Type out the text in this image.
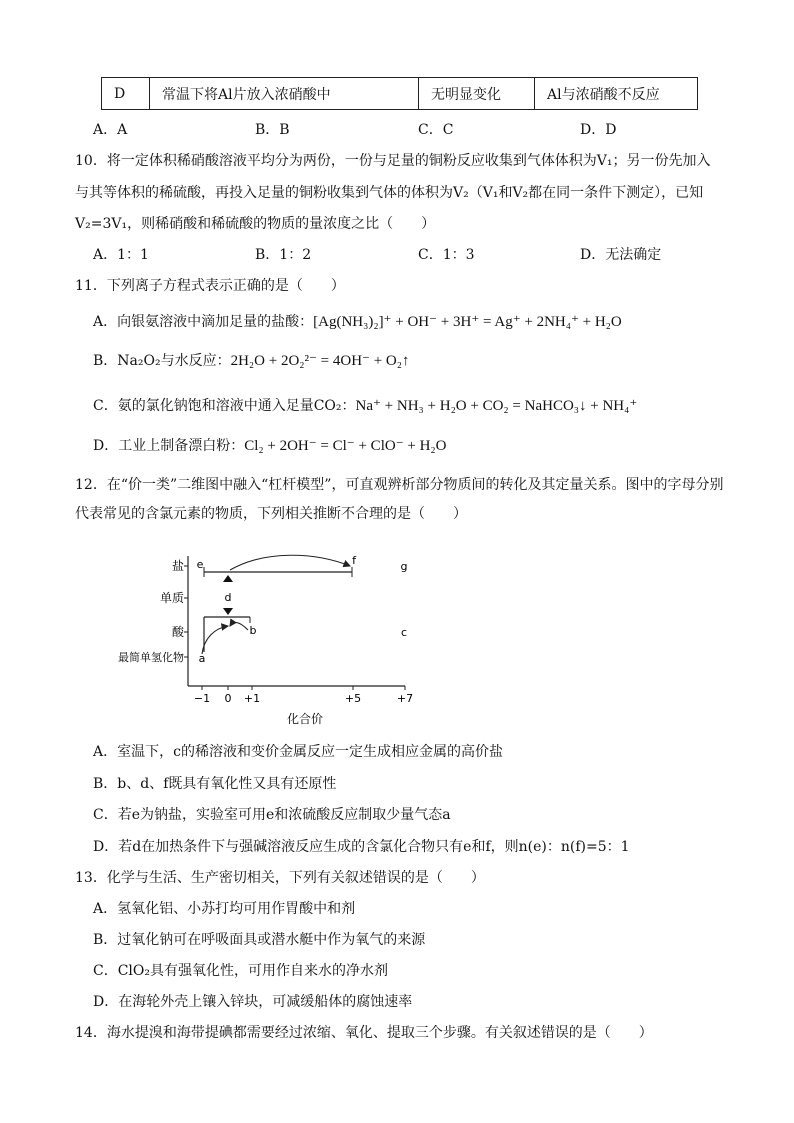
D	常温下将Al片放入浓硝酸中	无明显变化	Al与浓硝酸不反应
A．A	B．B	C．C	D．D
10．将一定体积稀硝酸溶液平均分为两份，一份与足量的铜粉反应收集到气体体积为V₁；另一份先加入
与其等体积的稀硫酸，再投入足量的铜粉收集到气体的体积为V₂（V₁和V₂都在同一条件下测定），已知
V₂=3V₁，则稀硝酸和稀硫酸的物质的量浓度之比（　　）
A．1：1	B．1：2	C．1：3	D．无法确定
11．下列离子方程式表示正确的是（　　）
A．向银氨溶液中滴加足量的盐酸：[Ag(NH₃)₂]⁺ + OH⁻ + 3H⁺ = Ag⁺ + 2NH₄⁺ + H₂O
B．Na₂O₂与水反应：2H₂O + 2O₂²⁻ = 4OH⁻ + O₂↑
C．氨的氯化钠饱和溶液中通入足量CO₂：Na⁺ + NH₃ + H₂O + CO₂ = NaHCO₃↓ + NH₄⁺
D．工业上制备漂白粉：Cl₂ + 2OH⁻ = Cl⁻ + ClO⁻ + H₂O
12．在“价一类”二维图中融入“杠杆模型”，可直观辨析部分物质间的转化及其定量关系。图中的字母分别
代表常见的含氯元素的物质，下列相关推断不合理的是（　　）
盐
单质
酸
最简单氢化物
−1 0 +1	+5	+7
化合价
e	f	g
d
b	c
a
A．室温下，c的稀溶液和变价金属反应一定生成相应金属的高价盐
B．b、d、f既具有氧化性又具有还原性
C．若e为钠盐，实验室可用e和浓硫酸反应制取少量气态a
D．若d在加热条件下与强碱溶液反应生成的含氯化合物只有e和f，则n(e)：n(f)=5：1
13．化学与生活、生产密切相关，下列有关叙述错误的是（　　）
A．氢氧化铝、小苏打均可用作胃酸中和剂
B．过氧化钠可在呼吸面具或潜水艇中作为氧气的来源
C．ClO₂具有强氧化性，可用作自来水的净水剂
D．在海轮外壳上镶入锌块，可减缓船体的腐蚀速率
14．海水提溴和海带提碘都需要经过浓缩、氧化、提取三个步骤。有关叙述错误的是（　　）
